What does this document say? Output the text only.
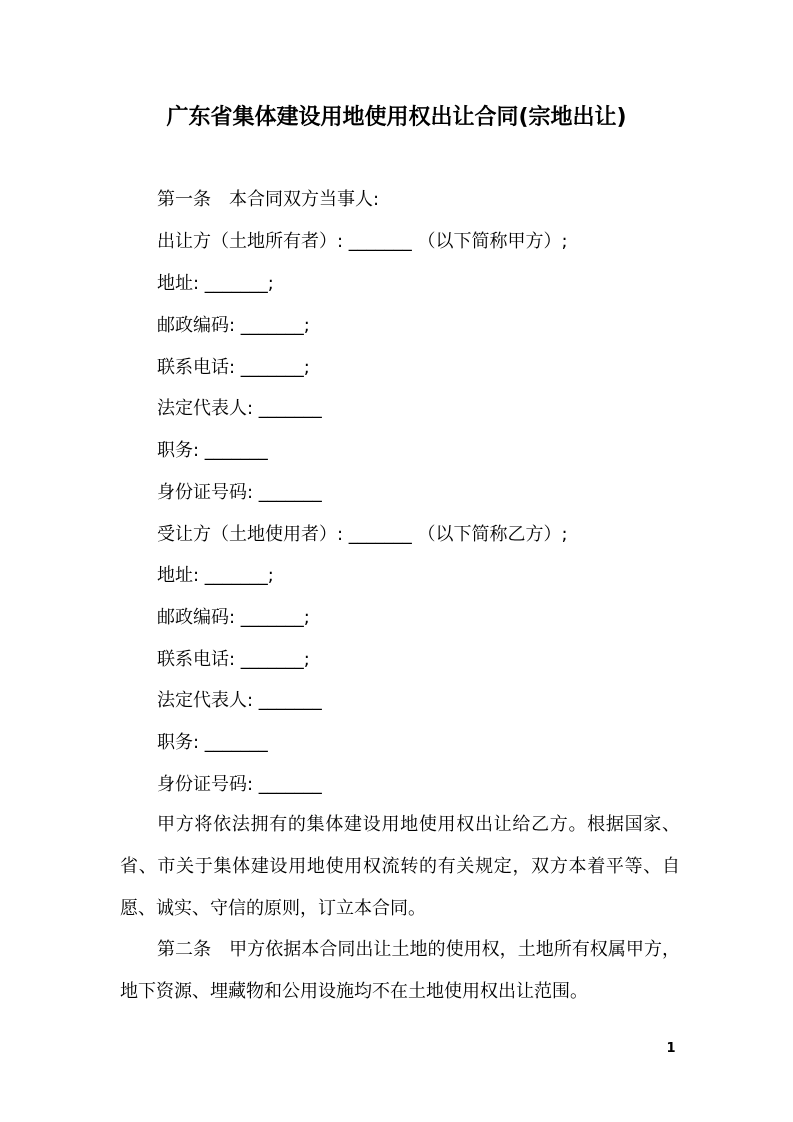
广东省集体建设用地使用权出让合同(宗地出让)
第一条　本合同双方当事人:
出让方（土地所有者）: _______ （以下简称甲方）;
地址: _______;
邮政编码: _______;
联系电话: _______;
法定代表人: _______
职务: _______
身份证号码: _______
受让方（土地使用者）: _______ （以下简称乙方）;
地址: _______;
邮政编码: _______;
联系电话: _______;
法定代表人: _______
职务: _______
身份证号码: _______
甲方将依法拥有的集体建设用地使用权出让给乙方。根据国家、省、市关于集体建设用地使用权流转的有关规定，双方本着平等、自愿、诚实、守信的原则，订立本合同。
第二条　甲方依据本合同出让土地的使用权，土地所有权属甲方，地下资源、埋藏物和公用设施均不在土地使用权出让范围。
1
